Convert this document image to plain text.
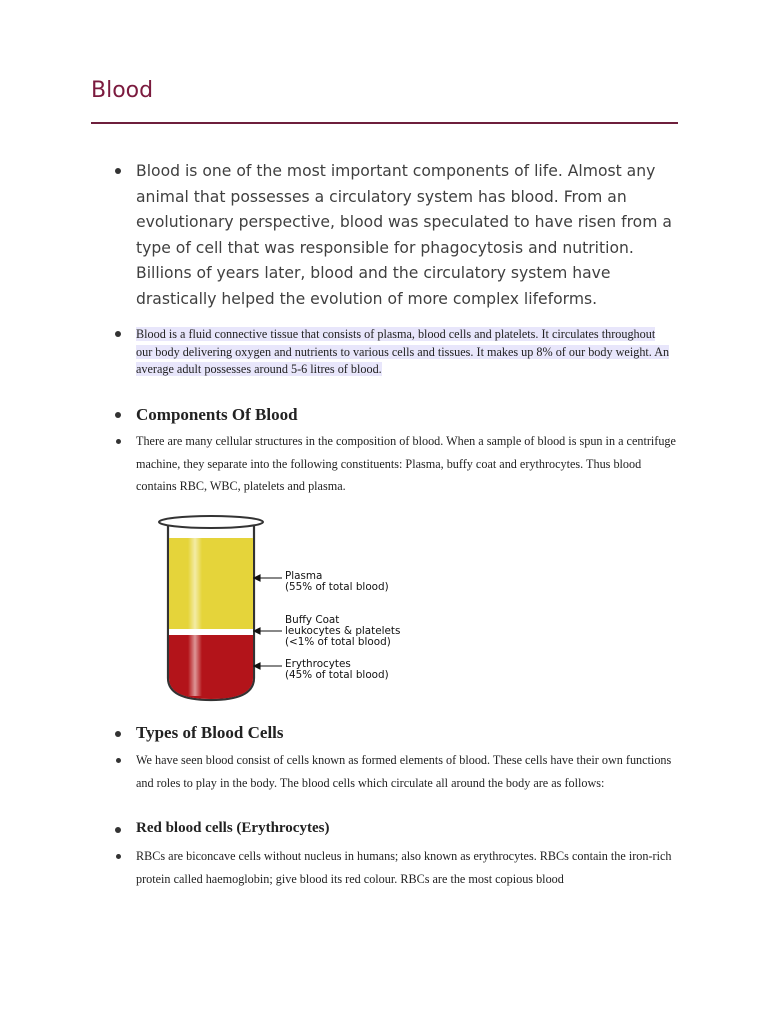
Blood

Blood is one of the most important components of life. Almost any animal that possesses a circulatory system has blood. From an evolutionary perspective, blood was speculated to have risen from a type of cell that was responsible for phagocytosis and nutrition. Billions of years later, blood and the circulatory system have drastically helped the evolution of more complex lifeforms.

Blood is a fluid connective tissue that consists of plasma, blood cells and platelets. It circulates throughout our body delivering oxygen and nutrients to various cells and tissues. It makes up 8% of our body weight. An average adult possesses around 5-6 litres of blood.

Components Of Blood

There are many cellular structures in the composition of blood. When a sample of blood is spun in a centrifuge machine, they separate into the following constituents: Plasma, buffy coat and erythrocytes. Thus blood contains RBC, WBC, platelets and plasma.

Plasma

(55% of total blood)

Buffy Coat

leukocytes & platelets

(<1% of total blood)

Erythrocytes

(45% of total blood)

Types of Blood Cells

We have seen blood consist of cells known as formed elements of blood. These cells have their own functions and roles to play in the body. The blood cells which circulate all around the body are as follows:

Red blood cells (Erythrocytes)

RBCs are biconcave cells without nucleus in humans; also known as erythrocytes. RBCs contain the iron-rich protein called haemoglobin; give blood its red colour. RBCs are the most copious blood
